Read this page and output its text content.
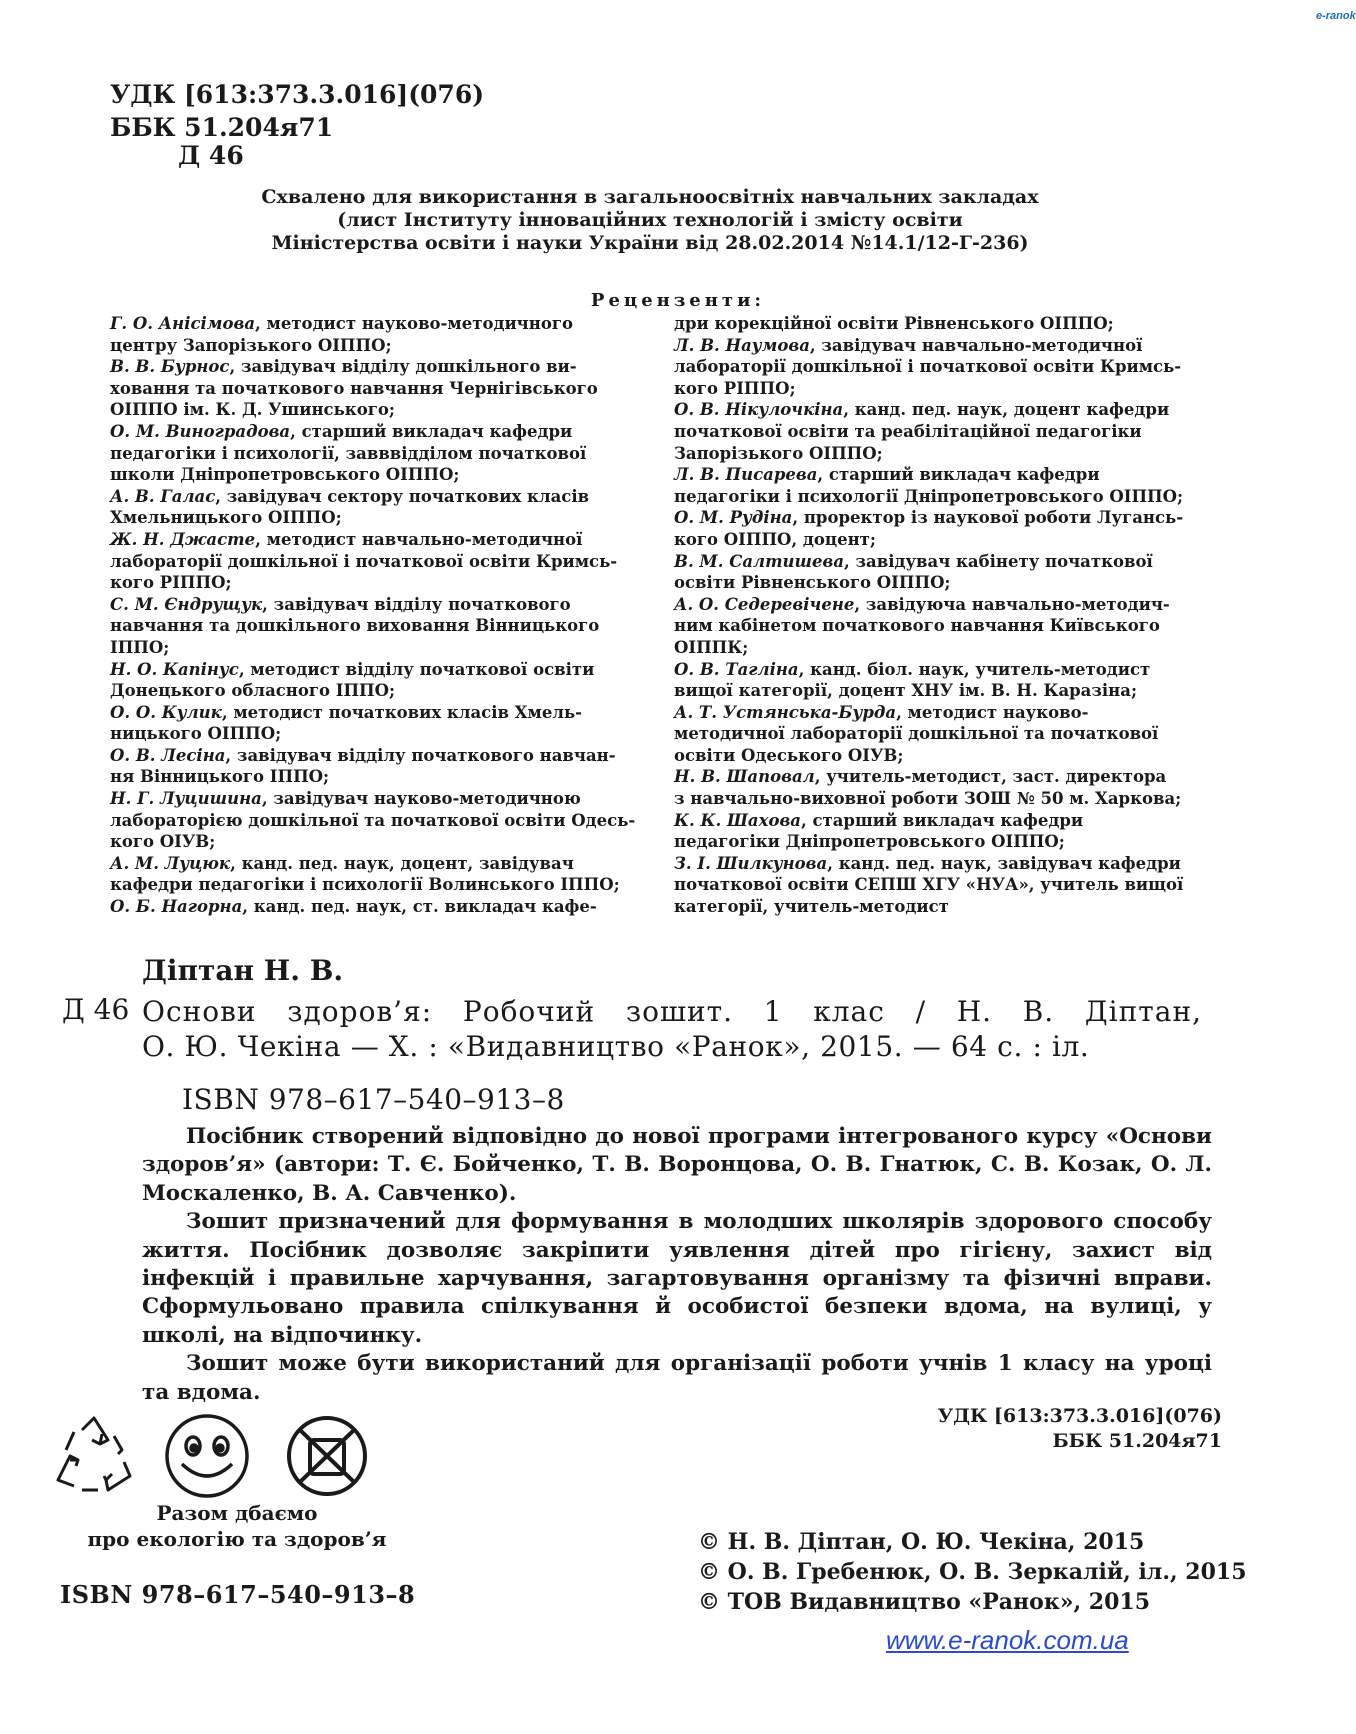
e-ranok
УДК [613:373.3.016](076)
ББК 51.204я71
Д 46
Схвалено для використання в загальноосвітніх навчальних закладах
(лист Інституту інноваційних технологій і змісту освіти
Міністерства освіти і науки України від 28.02.2014 №14.1/12-Г-236)
Рецензенти:
Г. О. Анісімова, методист науково-методичного
центру Запорізького ОІППО;
В. В. Бурнос, завідувач відділу дошкільного ви-
ховання та початкового навчання Чернігівського
ОІППО ім. К. Д. Ушинського;
О. М. Виноградова, старший викладач кафедри
педагогіки і психології, завввідділом початкової
школи Дніпропетровського ОІППО;
А. В. Галас, завідувач сектору початкових класів
Хмельницького ОІППО;
Ж. Н. Джасте, методист навчально-методичної
лабораторії дошкільної і початкової освіти Кримсь-
кого РІППО;
С. М. Єндрущук, завідувач відділу початкового
навчання та дошкільного виховання Вінницького
ІППО;
Н. О. Капінус, методист відділу початкової освіти
Донецького обласного ІППО;
О. О. Кулик, методист початкових класів Хмель-
ницького ОІППО;
О. В. Лесіна, завідувач відділу початкового навчан-
ня Вінницького ІППО;
Н. Г. Луцишина, завідувач науково-методичною
лабораторією дошкільної та початкової освіти Одесь-
кого ОІУВ;
А. М. Луцюк, канд. пед. наук, доцент, завідувач
кафедри педагогіки і психології Волинського ІППО;
О. Б. Нагорна, канд. пед. наук, ст. викладач кафе-
дри корекційної освіти Рівненського ОІППО;
Л. В. Наумова, завідувач навчально-методичної
лабораторії дошкільної і початкової освіти Кримсь-
кого РІППО;
О. В. Нікулочкіна, канд. пед. наук, доцент кафедри
початкової освіти та реабілітаційної педагогіки
Запорізького ОІППО;
Л. В. Писарева, старший викладач кафедри
педагогіки і психології Дніпропетровського ОІППО;
О. М. Рудіна, проректор із наукової роботи Лугансь-
кого ОІППО, доцент;
В. М. Салтишева, завідувач кабінету початкової
освіти Рівненського ОІППО;
А. О. Седеревічене, завідуюча навчально-методич-
ним кабінетом початкового навчання Київського
ОІППК;
О. В. Таглiна, канд. біол. наук, учитель-методист
вищої категорії, доцент ХНУ ім. В. Н. Каразіна;
А. Т. Устянська-Бурда, методист науково-
методичної лабораторії дошкільної та початкової
освіти Одеського ОІУВ;
Н. В. Шаповал, учитель-методист, заст. директора
з навчально-виховної роботи ЗОШ № 50 м. Харкова;
К. К. Шахова, старший викладач кафедри
педагогіки Дніпропетровського ОІППО;
З. І. Шилкунова, канд. пед. наук, завідувач кафедри
початкової освіти СЕПШ ХГУ «НУА», учитель вищої
категорії, учитель-методист
Діптан Н. В.
Д 46 Основи здоров’я: Робочий зошит. 1 клас / Н. В. Діптан,
О. Ю. Чекіна — Х. : «Видавництво «Ранок», 2015. — 64 с. : іл.
ISBN 978–617–540–913–8

Посібник створений відповідно до нової програми інтегрованого курсу «Основи здоров’я» (автори: Т. Є. Бойченко, Т. В. Воронцова, О. В. Гнатюк, С. В. Козак, О. Л. Москаленко, В. А. Савченко).

Зошит призначений для формування в молодших школярів здорового способу життя. Посібник дозволяє закріпити уявлення дітей про гігієну, захист від інфекцій і правильне харчування, загартовування організму та фізичні вправи. Сформульовано правила спілкування й особистої безпеки вдома, на вулиці, у школі, на відпочинку.

Зошит може бути використаний для організації роботи учнів 1 класу на уроці та вдома.

УДК [613:373.3.016](076)
ББК 51.204я71
Разом дбаємо
про екологію та здоров’я
ISBN 978–617–540–913–8
© Н. В. Діптан, О. Ю. Чекіна, 2015
© О. В. Гребенюк, О. В. Зеркалій, іл., 2015
© ТОВ Видавництво «Ранок», 2015
www.e-ranok.com.ua
